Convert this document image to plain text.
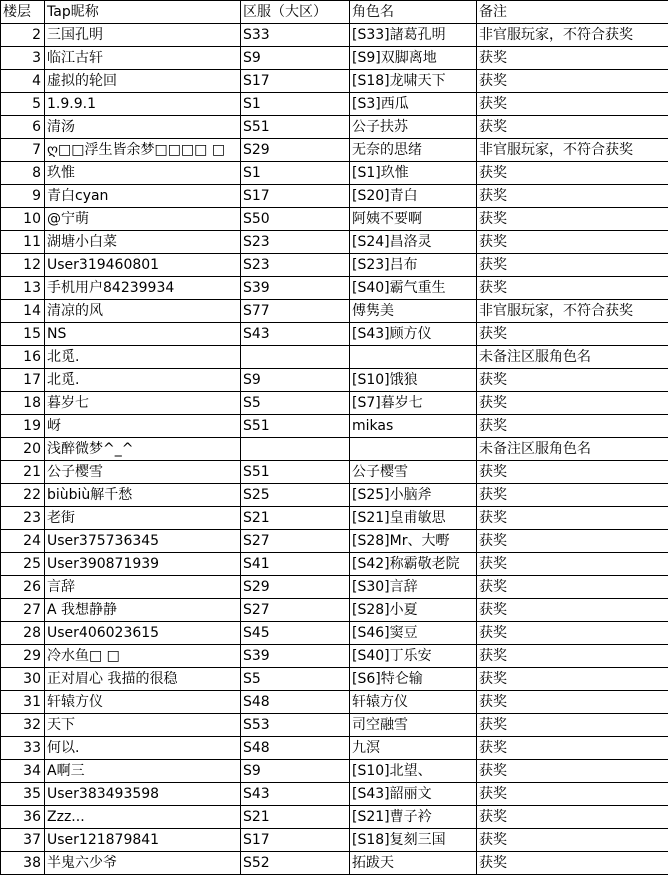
楼层	Tap昵称	区服（大区）	角色名	备注
2	三国孔明	S33	[S33]諸葛孔明	非官服玩家，不符合获奖
3	临江古轩	S9	[S9]双脚离地	获奖
4	虚拟的轮回	S17	[S18]龙啸天下	获奖
5	1.9.9.1	S1	[S3]西瓜	获奖
6	清汤	S51	公子扶苏	获奖
7	ღ□□浮生皆余梦□□□□ □	S29	无奈的思绪	非官服玩家，不符合获奖
8	玖惟	S1	[S1]玖惟	获奖
9	青白cyan	S17	[S20]青白	获奖
10	@宁萌	S50	阿姨不要啊	获奖
11	湖塘小白菜	S23	[S24]昌洛灵	获奖
12	User319460801	S23	[S23]吕布	获奖
13	手机用户84239934	S39	[S40]霸气重生	获奖
14	清凉的风	S77	傅隽美	非官服玩家，不符合获奖
15	NS	S43	[S43]顾方仪	获奖
16	北觅.			未备注区服角色名
17	北觅.	S9	[S10]饿狼	获奖
18	暮岁七	S5	[S7]暮岁七	获奖
19	岈	S51	mikas	获奖
20	浅醉微梦^_^			未备注区服角色名
21	公子樱雪	S51	公子樱雪	获奖
22	biùbiù解千愁	S25	[S25]小脑斧	获奖
23	老街	S21	[S21]皇甫敏思	获奖
24	User375736345	S27	[S28]Mr、大嘢	获奖
25	User390871939	S41	[S42]称霸敬老院	获奖
26	言辞	S29	[S30]言辞	获奖
27	A 我想静静	S27	[S28]小夏	获奖
28	User406023615	S45	[S46]窦豆	获奖
29	冷水鱼□ □	S39	[S40]丁乐安	获奖
30	正对眉心 我描的很稳	S5	[S6]特仑输	获奖
31	轩辕方仪	S48	轩辕方仪	获奖
32	天下	S53	司空融雪	获奖
33	何以.	S48	九溟	获奖
34	A啊三	S9	[S10]北望、	获奖
35	User383493598	S43	[S43]韶丽文	获奖
36	Zzz...	S21	[S21]曹子衿	获奖
37	User121879841	S17	[S18]复刻三国	获奖
38	半鬼六少爷	S52	拓跋天	获奖
